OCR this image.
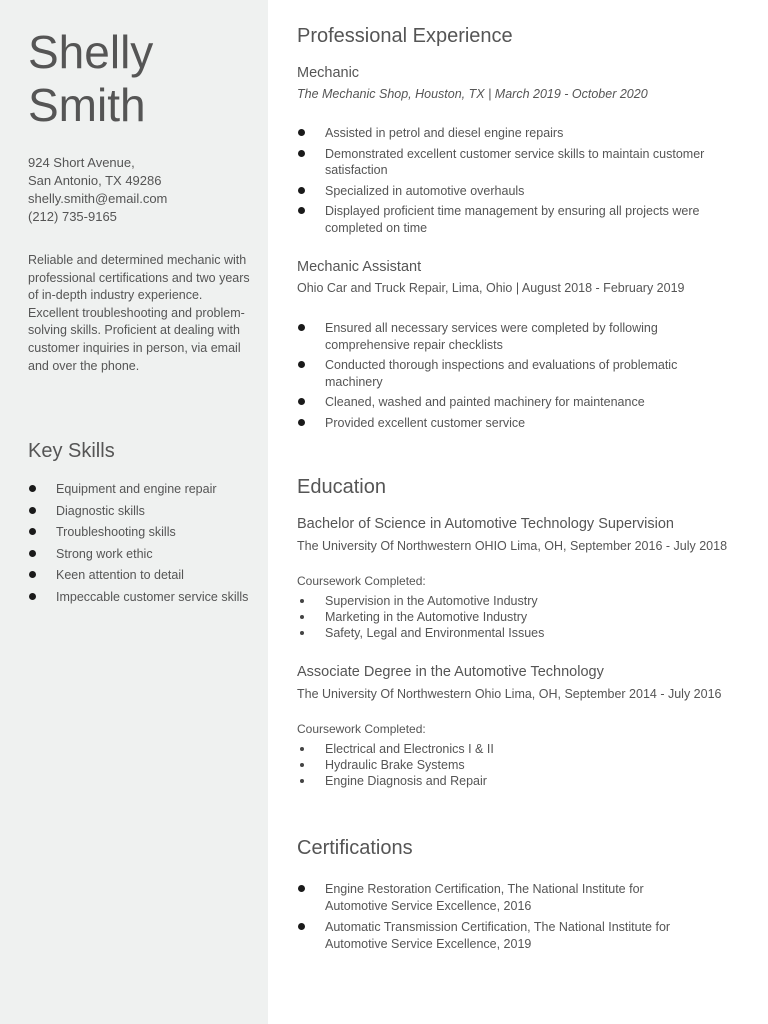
Shelly
Smith
924 Short Avenue,
San Antonio, TX 49286
shelly.smith@email.com
(212) 735-9165

Reliable and determined mechanic with professional certifications and two years of in-depth industry experience. Excellent troubleshooting and problem-solving skills. Proficient at dealing with customer inquiries in person, via email and over the phone.

Key Skills
Equipment and engine repair
Diagnostic skills
Troubleshooting skills
Strong work ethic
Keen attention to detail
Impeccable customer service skills
Professional Experience
Mechanic
The Mechanic Shop, Houston, TX | March 2019 - October 2020
Assisted in petrol and diesel engine repairs
Demonstrated excellent customer service skills to maintain customer satisfaction
Specialized in automotive overhauls
Displayed proficient time management by ensuring all projects were completed on time
Mechanic Assistant
Ohio Car and Truck Repair, Lima, Ohio | August 2018 - February 2019
Ensured all necessary services were completed by following comprehensive repair checklists
Conducted thorough inspections and evaluations of problematic machinery
Cleaned, washed and painted machinery for maintenance
Provided excellent customer service
Education
Bachelor of Science in Automotive Technology Supervision
The University Of Northwestern OHIO Lima, OH, September 2016 - July 2018
Coursework Completed:
Supervision in the Automotive Industry
Marketing in the Automotive Industry
Safety, Legal and Environmental Issues
Associate Degree in the Automotive Technology
The University Of Northwestern Ohio Lima, OH, September 2014 - July 2016
Coursework Completed:
Electrical and Electronics I & II
Hydraulic Brake Systems
Engine Diagnosis and Repair
Certifications
Engine Restoration Certification, The National Institute for Automotive Service Excellence, 2016
Automatic Transmission Certification, The National Institute for Automotive Service Excellence, 2019
